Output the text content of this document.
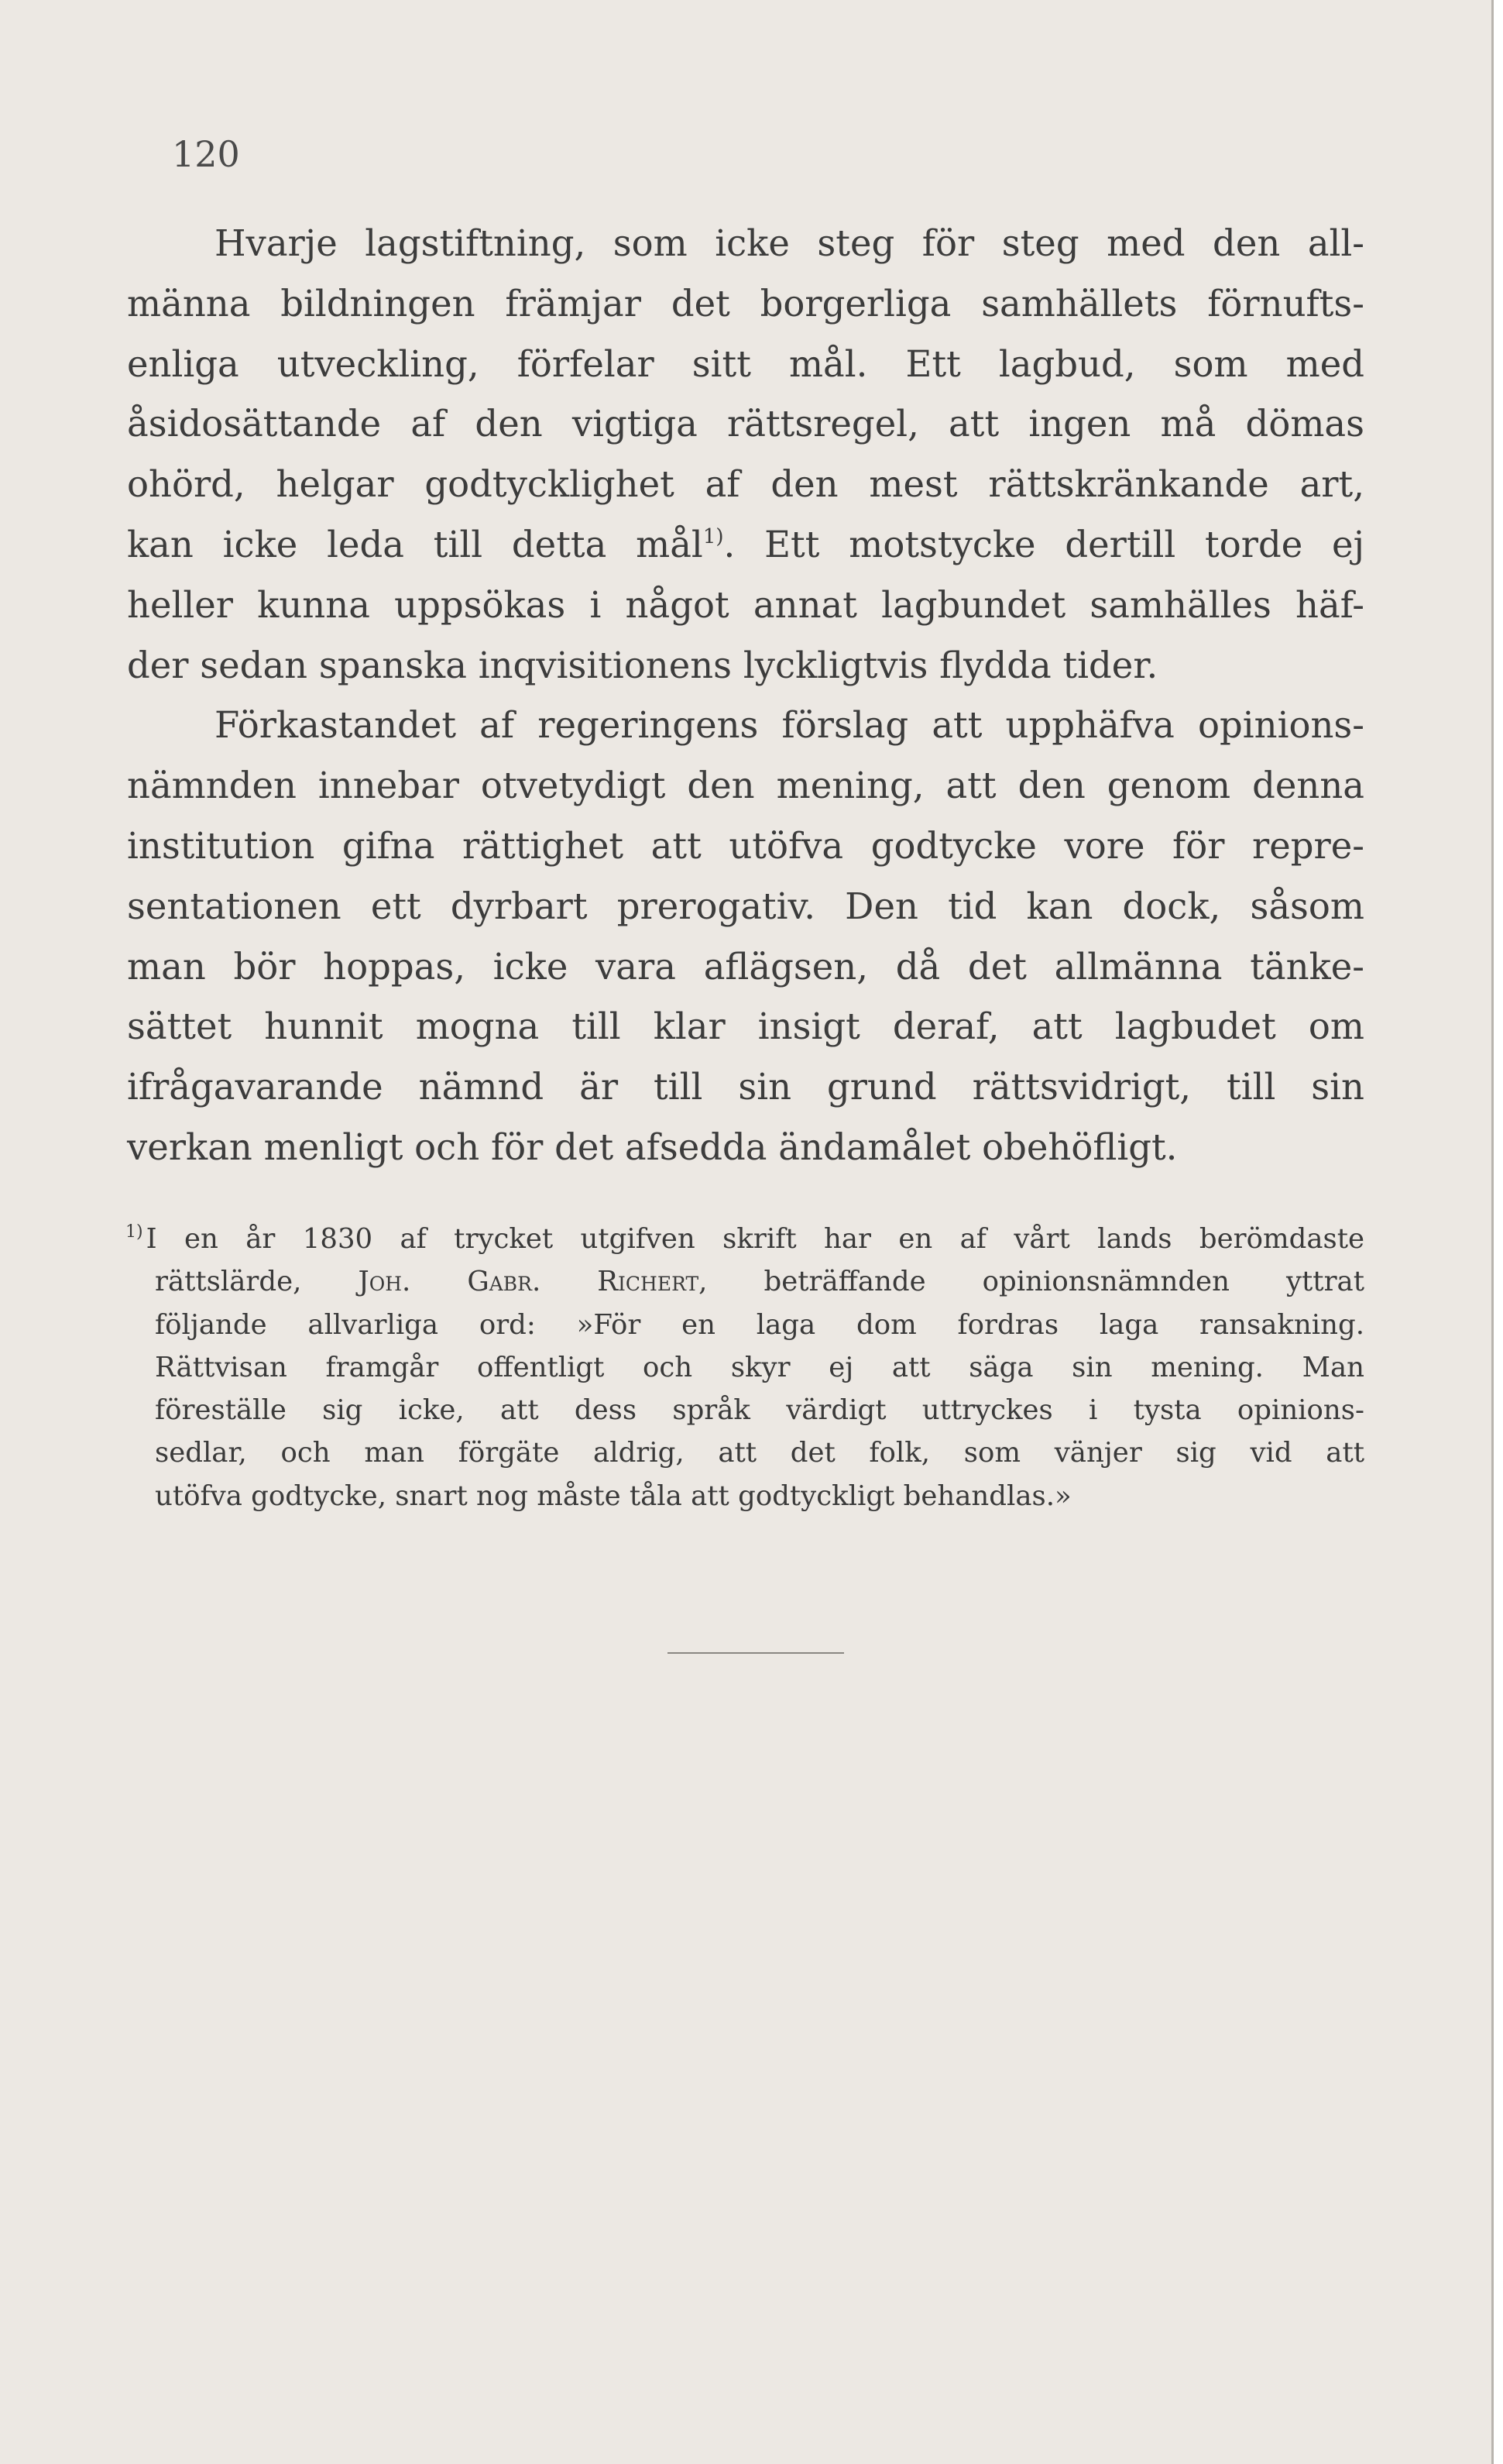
120

Hvarje lagstiftning, som icke steg för steg med den all-
männa bildningen främjar det borgerliga samhällets förnufts-
enliga utveckling, förfelar sitt mål. Ett lagbud, som med
åsidosättande af den vigtiga rättsregel, att ingen må dömas
ohörd, helgar godtycklighet af den mest rättskränkande art,
kan icke leda till detta mål$^{1)}$. Ett motstycke dertill torde ej
heller kunna uppsökas i något annat lagbundet samhälles häf-
der sedan spanska inqvisitionens lyckligtvis flydda tider.

Förkastandet af regeringens förslag att upphäfva opinions-
nämnden innebar otvetydigt den mening, att den genom denna
institution gifna rättighet att utöfva godtycke vore för repre-
sentationen ett dyrbart prerogativ. Den tid kan dock, såsom
man bör hoppas, icke vara aflägsen, då det allmänna tänke-
sättet hunnit mogna till klar insigt deraf, att lagbudet om
ifrågavarande nämnd är till sin grund rättsvidrigt, till sin
verkan menligt och för det afsedda ändamålet obehöfligt.

$^{1)}$ I en år 1830 af trycket utgifven skrift har en af vårt lands berömdaste
rättslärde, Joh. Gabr. Richert, beträffande opinionsnämnden yttrat
följande allvarliga ord: »För en laga dom fordras laga ransakning.
Rättvisan framgår offentligt och skyr ej att säga sin mening. Man
föreställe sig icke, att dess språk värdigt uttryckes i tysta opinions-
sedlar, och man förgäte aldrig, att det folk, som vänjer sig vid att
utöfva godtycke, snart nog måste tåla att godtyckligt behandlas.»
